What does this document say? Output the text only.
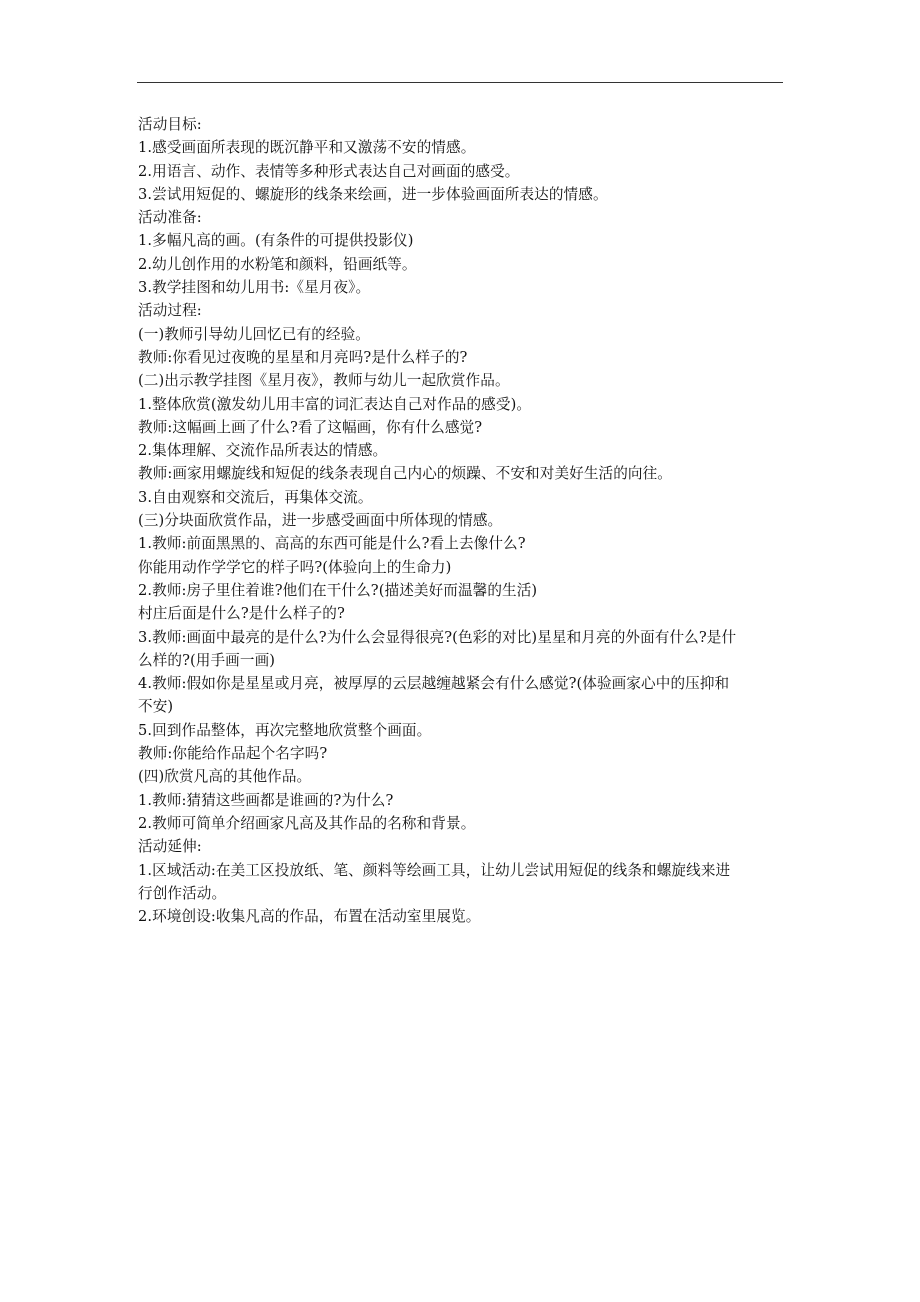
活动目标:
1.感受画面所表现的既沉静平和又激荡不安的情感。
2.用语言、动作、表情等多种形式表达自己对画面的感受。
3.尝试用短促的、螺旋形的线条来绘画，进一步体验画面所表达的情感。
活动准备:
1.多幅凡高的画。(有条件的可提供投影仪)
2.幼儿创作用的水粉笔和颜料，铅画纸等。
3.教学挂图和幼儿用书:《星月夜》。
活动过程:
(一)教师引导幼儿回忆已有的经验。
教师:你看见过夜晚的星星和月亮吗?是什么样子的?
(二)出示教学挂图《星月夜》，教师与幼儿一起欣赏作品。
1.整体欣赏(激发幼儿用丰富的词汇表达自己对作品的感受)。
教师:这幅画上画了什么?看了这幅画，你有什么感觉?
2.集体理解、交流作品所表达的情感。
教师:画家用螺旋线和短促的线条表现自己内心的烦躁、不安和对美好生活的向往。
3.自由观察和交流后，再集体交流。
(三)分块面欣赏作品，进一步感受画面中所体现的情感。
1.教师:前面黑黑的、高高的东西可能是什么?看上去像什么?
你能用动作学学它的样子吗?(体验向上的生命力)
2.教师:房子里住着谁?他们在干什么?(描述美好而温馨的生活)
村庄后面是什么?是什么样子的?
3.教师:画面中最亮的是什么?为什么会显得很亮?(色彩的对比)星星和月亮的外面有什么?是什
么样的?(用手画一画)
4.教师:假如你是星星或月亮，被厚厚的云层越缠越紧会有什么感觉?(体验画家心中的压抑和
不安)
5.回到作品整体，再次完整地欣赏整个画面。
教师:你能给作品起个名字吗?
(四)欣赏凡高的其他作品。
1.教师:猜猜这些画都是谁画的?为什么?
2.教师可简单介绍画家凡高及其作品的名称和背景。
活动延伸:
1.区域活动:在美工区投放纸、笔、颜料等绘画工具，让幼儿尝试用短促的线条和螺旋线来进
行创作活动。
2.环境创设:收集凡高的作品，布置在活动室里展览。
